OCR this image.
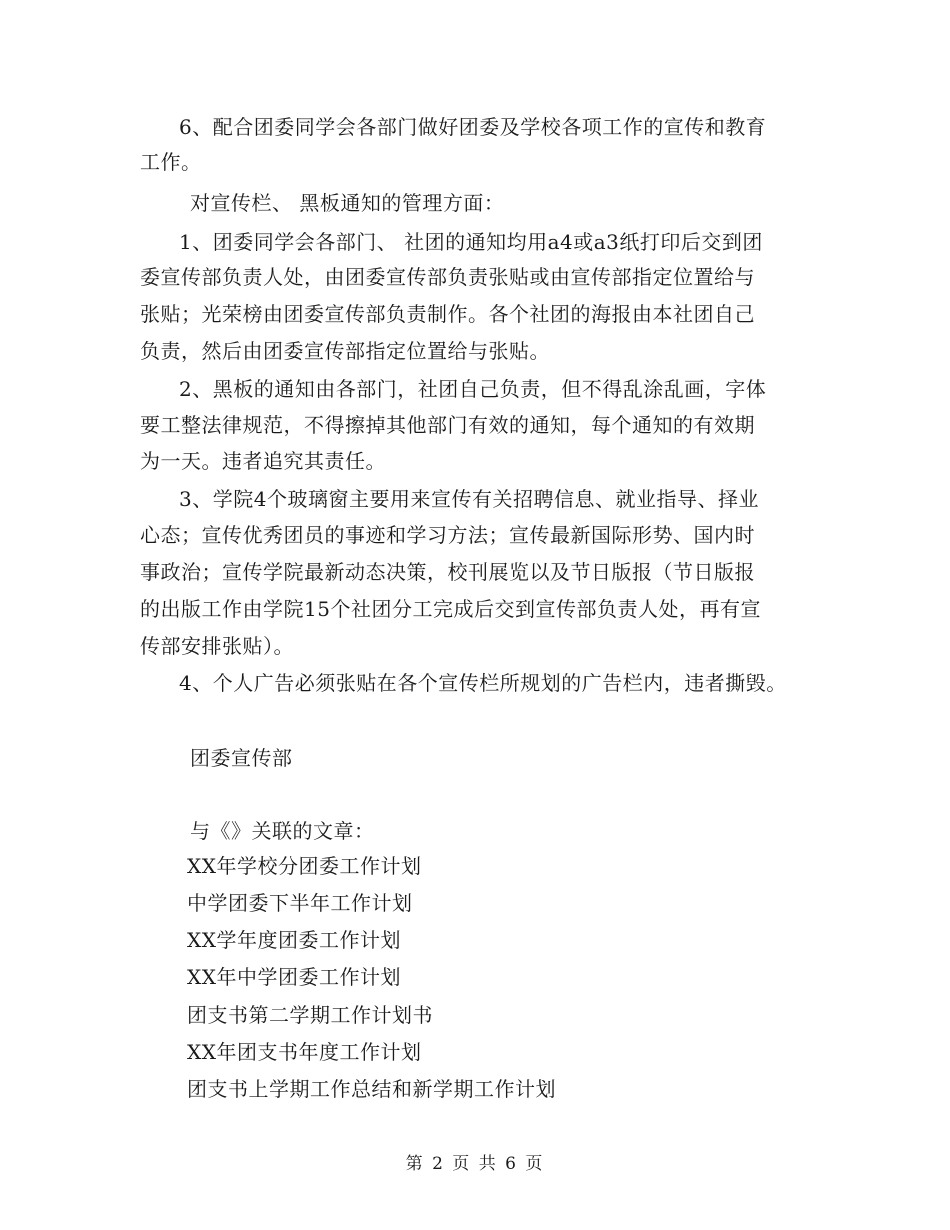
6、配合团委同学会各部门做好团委及学校各项工作的宣传和教育
工作。
对宣传栏、 黑板通知的管理方面：
1、团委同学会各部门、 社团的通知均用a4或a3纸打印后交到团
委宣传部负责人处，由团委宣传部负责张贴或由宣传部指定位置给与
张贴；光荣榜由团委宣传部负责制作。各个社团的海报由本社团自己
负责，然后由团委宣传部指定位置给与张贴。
2、黑板的通知由各部门，社团自己负责，但不得乱涂乱画，字体
要工整法律规范，不得擦掉其他部门有效的通知，每个通知的有效期
为一天。违者追究其责任。
3、学院4个玻璃窗主要用来宣传有关招聘信息、就业指导、择业
心态；宣传优秀团员的事迹和学习方法；宣传最新国际形势、国内时
事政治；宣传学院最新动态决策，校刊展览以及节日版报（节日版报
的出版工作由学院15个社团分工完成后交到宣传部负责人处，再有宣
传部安排张贴）。
4、个人广告必须张贴在各个宣传栏所规划的广告栏内，违者撕毁。
团委宣传部
与《》关联的文章：
XX年学校分团委工作计划
中学团委下半年工作计划
XX学年度团委工作计划
XX年中学团委工作计划
团支书第二学期工作计划书
XX年团支书年度工作计划
团支书上学期工作总结和新学期工作计划
第 2 页 共 6 页
